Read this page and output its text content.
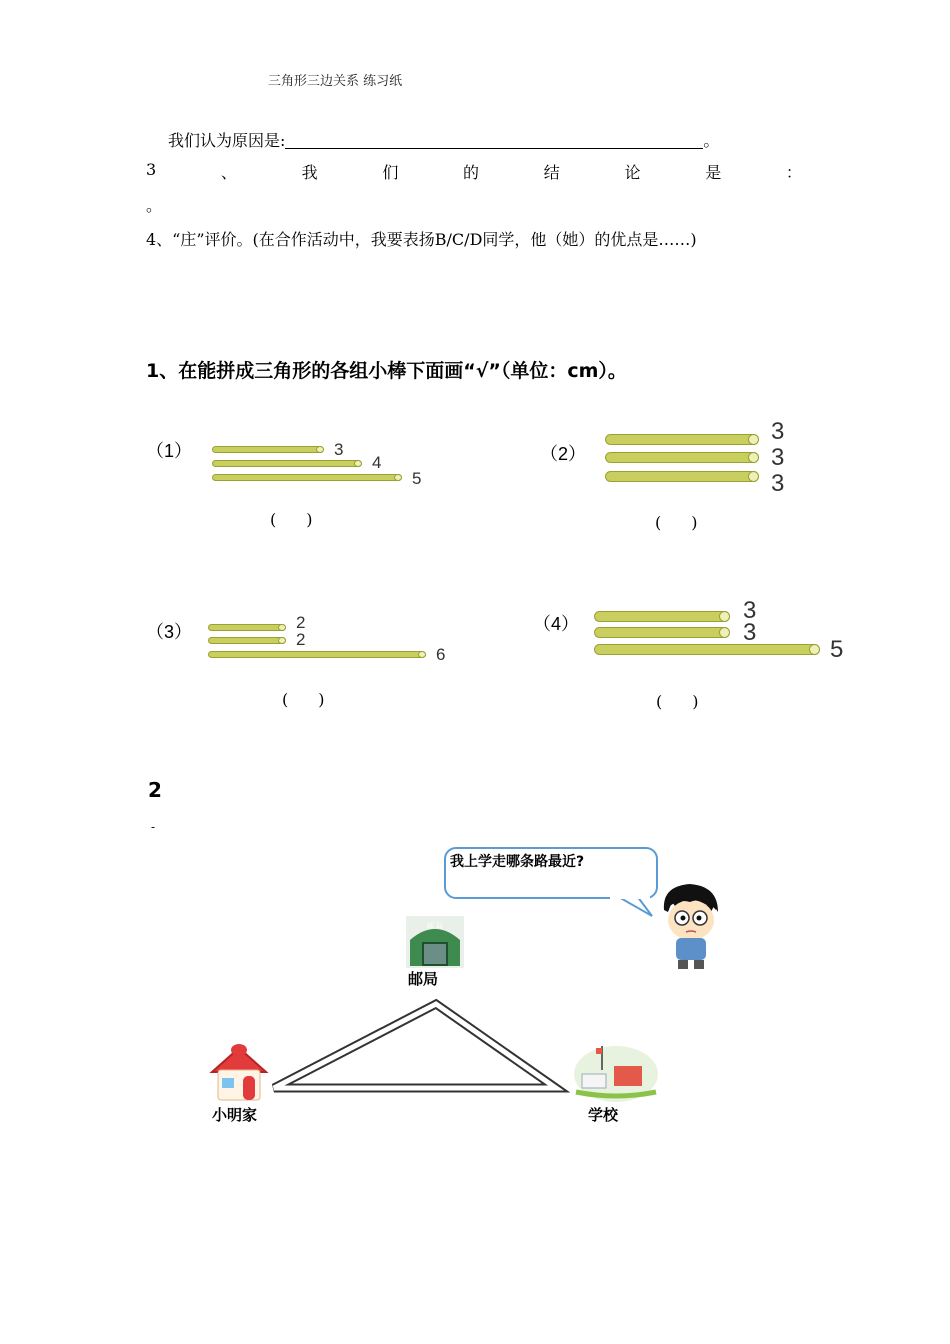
三角形三边关系 练习纸
我们认为原因是:	。
3	、	我	们	的	结	论	是	：
。
4、“庄”评价。(在合作活动中，我要表扬B/C/D同学，他（她）的优点是……)
1、在能拼成三角形的各组小棒下面画“√”（单位：cm）。
（1）	3
4
5
( )
（2）
3
3
3
( )
（3）	2
2
6
( )
（4）	3
3
5
( )
2
-
我上学走哪条路最近?
邮 局
邮局
小明家	学校
